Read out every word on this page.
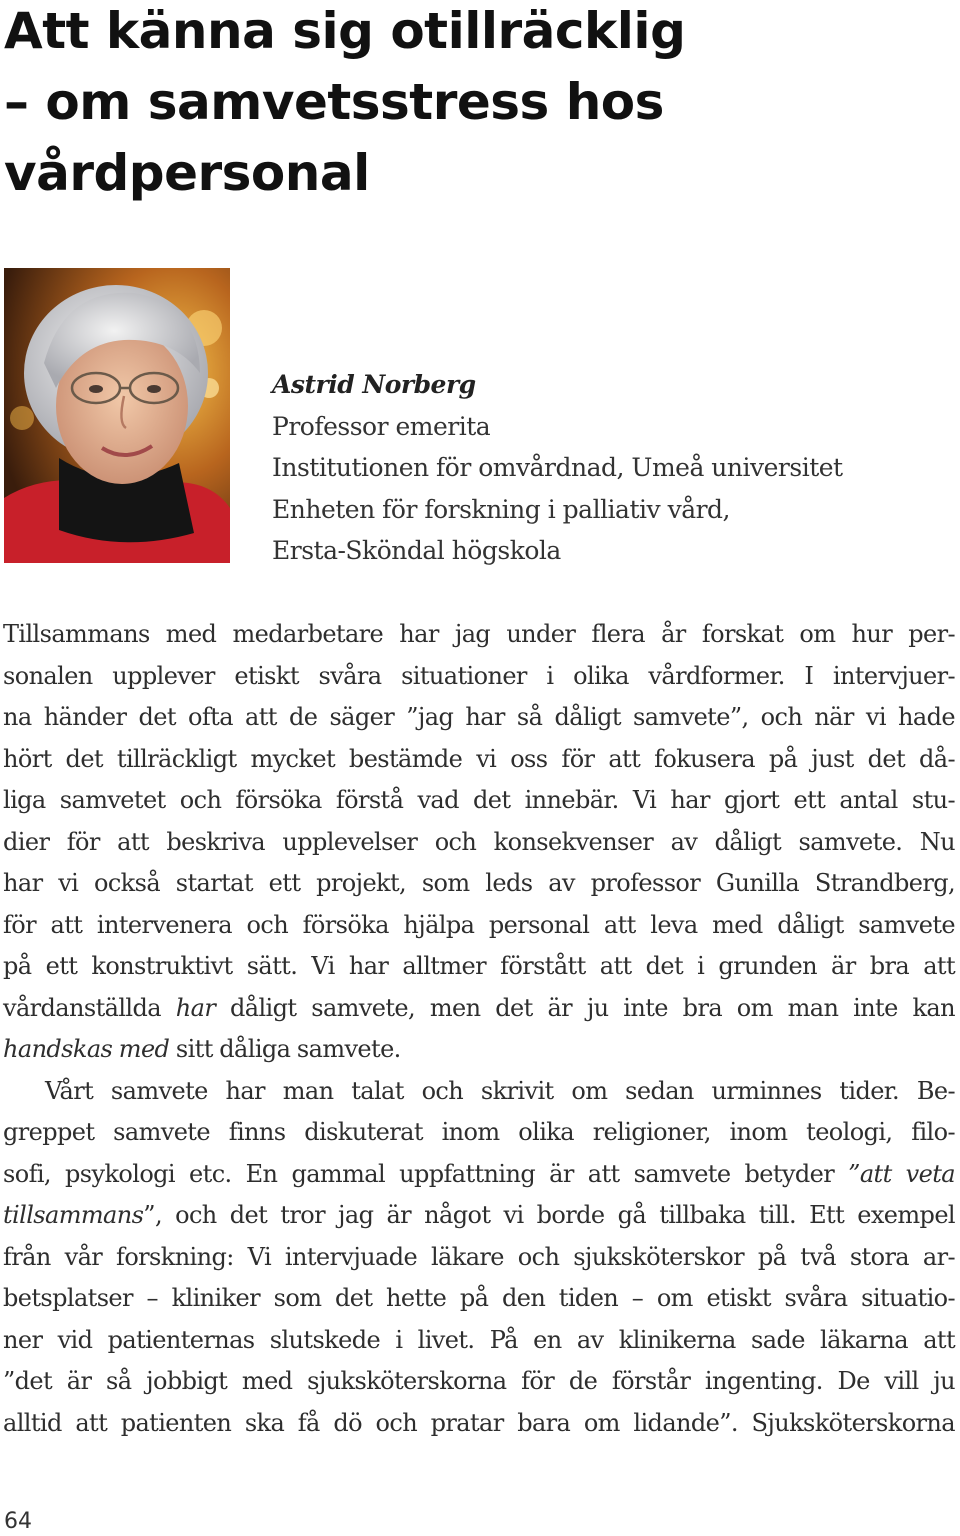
Att känna sig otillräcklig
– om samvetsstress hos
vårdpersonal
Astrid Norberg
Professor emerita
Institutionen för omvårdnad, Umeå universitet
Enheten för forskning i palliativ vård,
Ersta-Sköndal högskola
Tillsammans med medarbetare har jag under flera år forskat om hur per-
sonalen upplever etiskt svåra situationer i olika vårdformer. I intervjuer-
na händer det ofta att de säger ”jag har så dåligt samvete”, och när vi hade
hört det tillräckligt mycket bestämde vi oss för att fokusera på just det då-
liga samvetet och försöka förstå vad det innebär. Vi har gjort ett antal stu-
dier för att beskriva upplevelser och konsekvenser av dåligt samvete. Nu
har vi också startat ett projekt, som leds av professor Gunilla Strandberg,
för att intervenera och försöka hjälpa personal att leva med dåligt samvete
på ett konstruktivt sätt. Vi har alltmer förstått att det i grunden är bra att
vårdanställda har dåligt samvete, men det är ju inte bra om man inte kan
handskas med sitt dåliga samvete.
Vårt samvete har man talat och skrivit om sedan urminnes tider. Be-
greppet samvete finns diskuterat inom olika religioner, inom teologi, filo-
sofi, psykologi etc. En gammal uppfattning är att samvete betyder ”att veta
tillsammans”, och det tror jag är något vi borde gå tillbaka till. Ett exempel
från vår forskning: Vi intervjuade läkare och sjuksköterskor på två stora ar-
betsplatser – kliniker som det hette på den tiden – om etiskt svåra situatio-
ner vid patienternas slutskede i livet. På en av klinikerna sade läkarna att
”det är så jobbigt med sjuksköterskorna för de förstår ingenting. De vill ju
alltid att patienten ska få dö och pratar bara om lidande”. Sjuksköterskorna
64
